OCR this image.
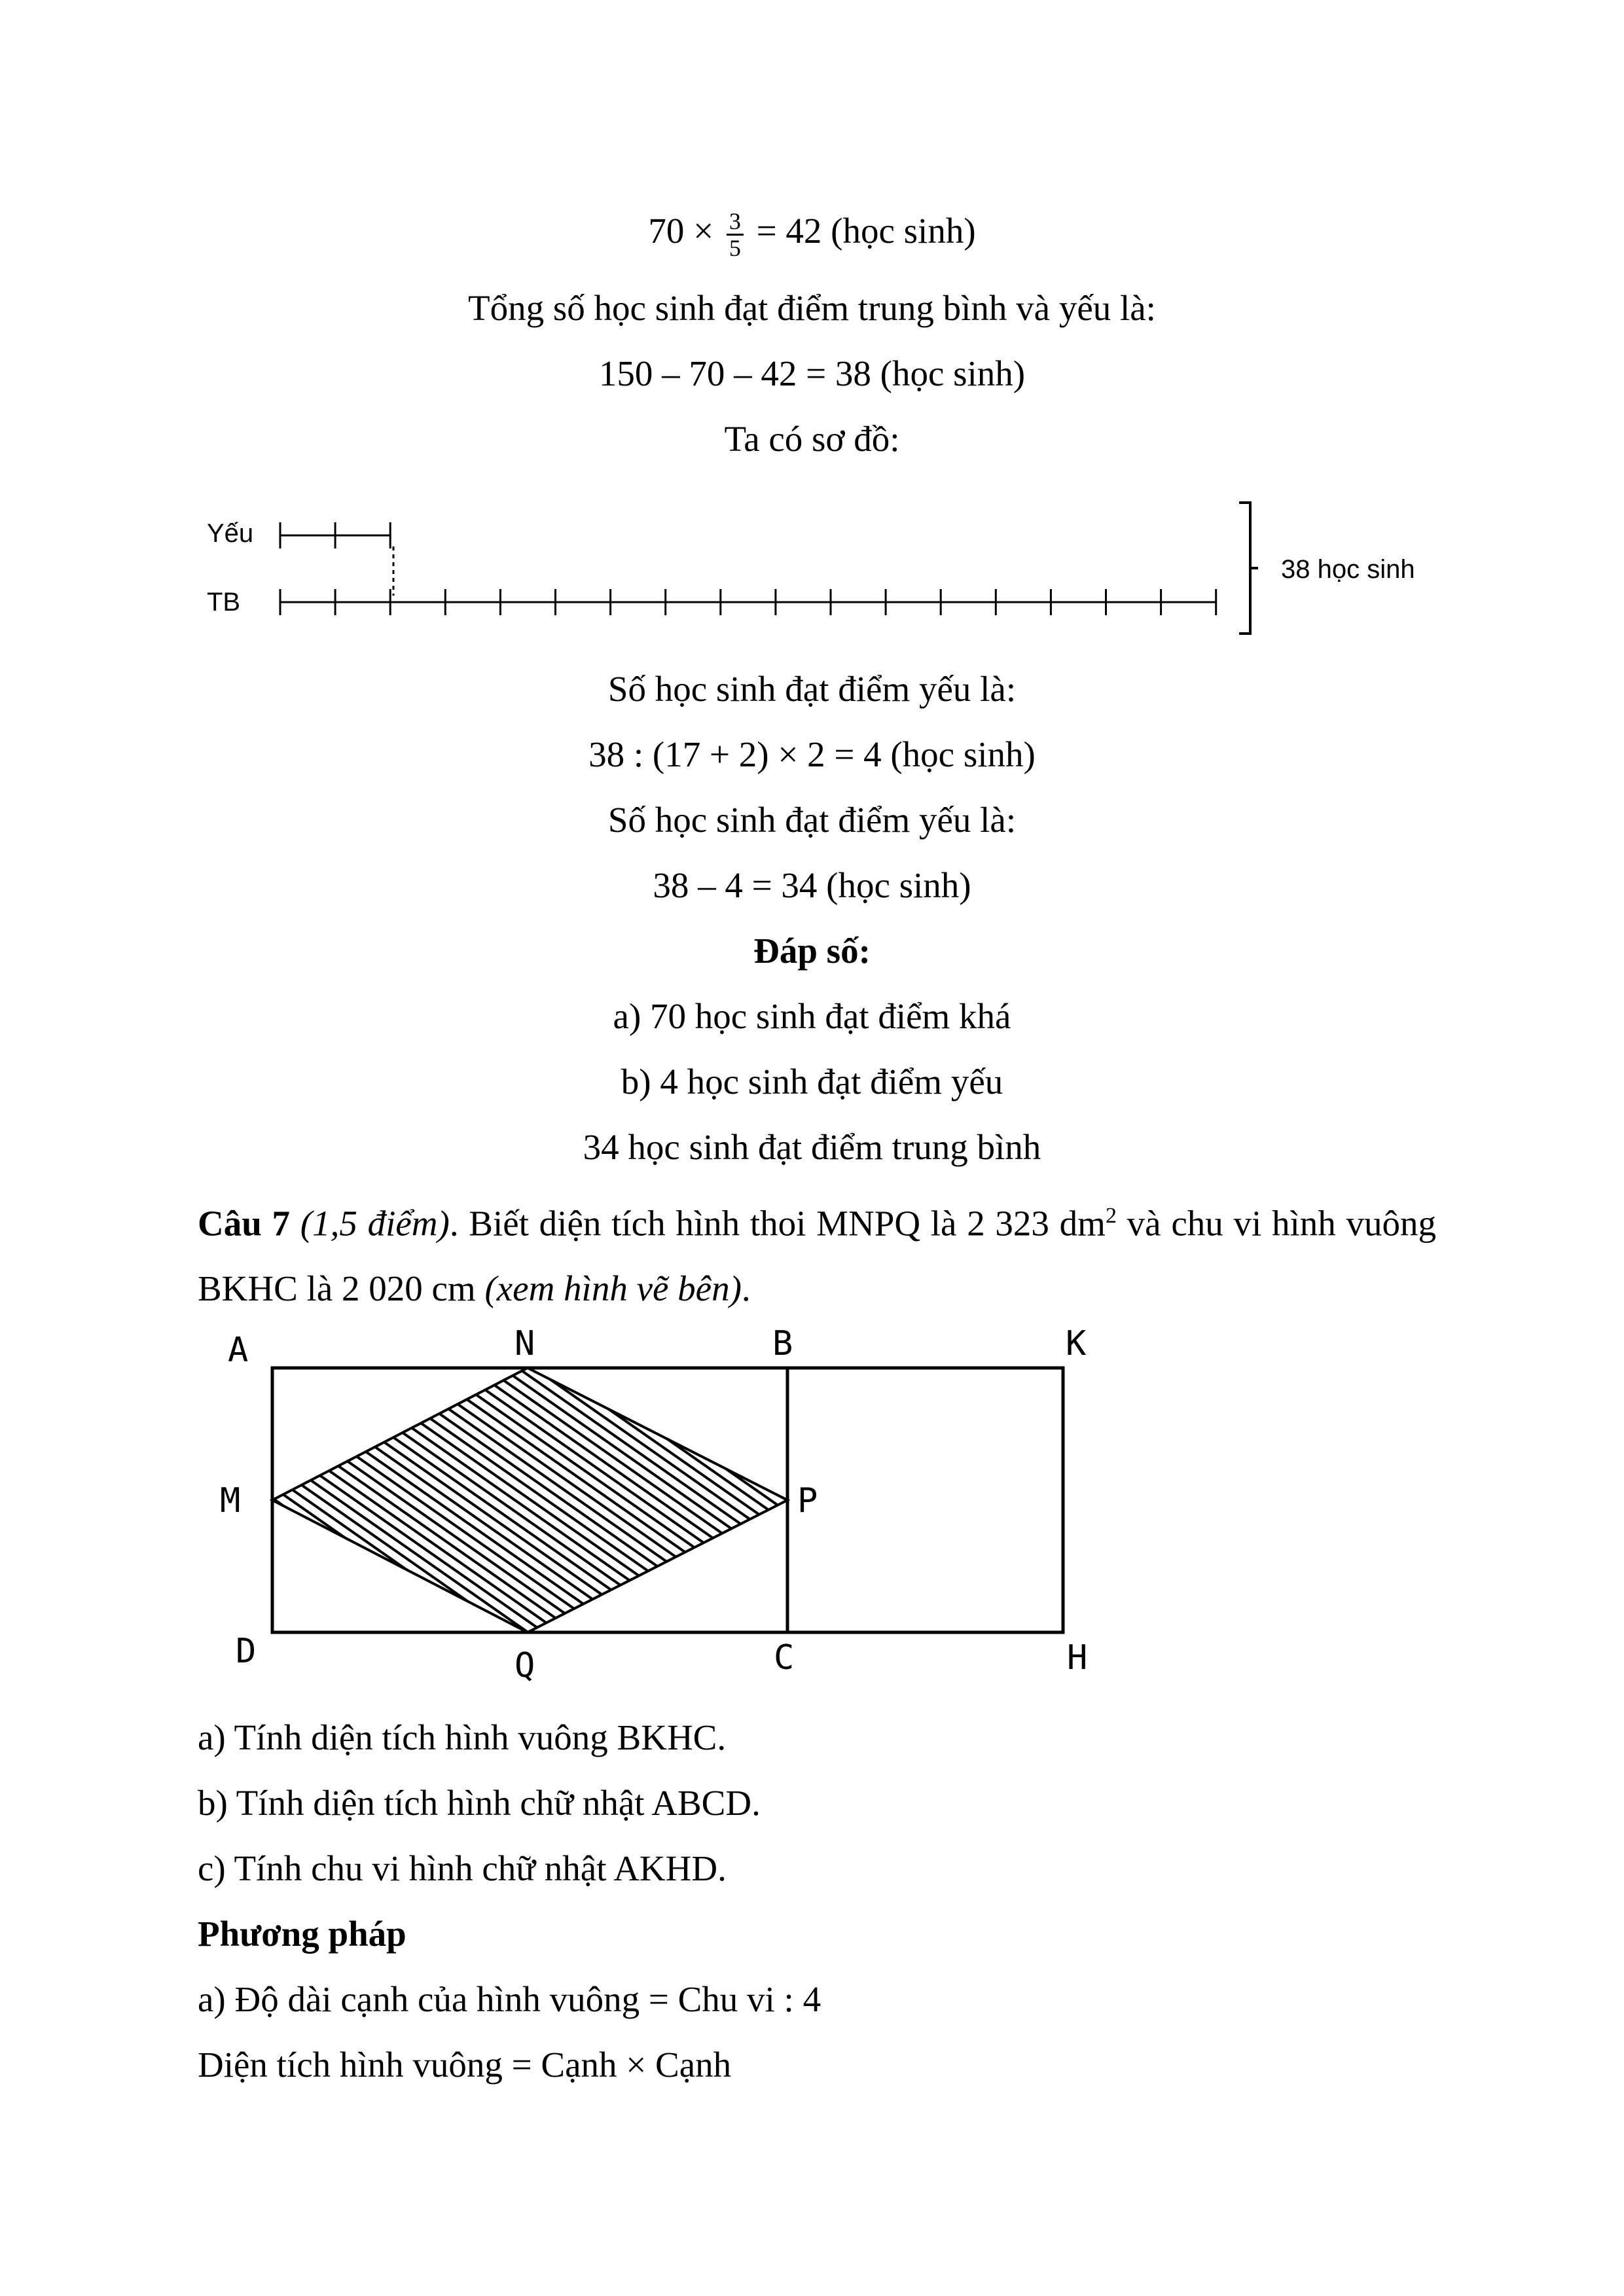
$70 \times \frac{3}{5} = 42$ (học sinh)
Tổng số học sinh đạt điểm trung bình và yếu là:
150 – 70 – 42 = 38 (học sinh)
Ta có sơ đồ:
Yếu
TB
38 học sinh
Số học sinh đạt điểm yếu là:
38 : (17 + 2) × 2 = 4 (học sinh)
Số học sinh đạt điểm yếu là:
38 – 4 = 34 (học sinh)
Đáp số:
a) 70 học sinh đạt điểm khá
b) 4 học sinh đạt điểm yếu
34 học sinh đạt điểm trung bình
Câu 7 (1,5 điểm). Biết diện tích hình thoi MNPQ là 2 323 $dm^2$ và chu vi hình vuông BKHC là 2 020 cm (xem hình vẽ bên).
A	N	B	K
M	P
D	Q	C	H
a) Tính diện tích hình vuông BKHC.
b) Tính diện tích hình chữ nhật ABCD.
c) Tính chu vi hình chữ nhật AKHD.
Phương pháp
a) Độ dài cạnh của hình vuông = Chu vi : 4
Diện tích hình vuông = Cạnh × Cạnh
